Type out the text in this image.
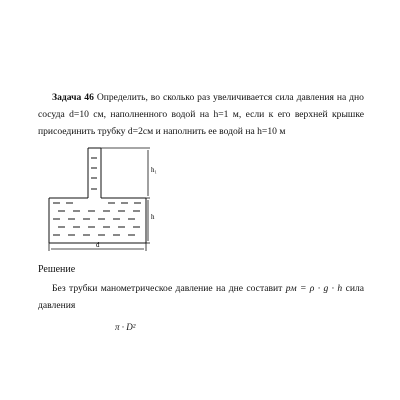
Задача 46 Определить, во сколько раз увеличивается сила давления на дно сосуда d=10 см, наполненного водой на h=1 м, если к его верхней крышке присоединить трубку d=2см и наполнить ее водой на h=10 м
h₁
h
d
Решение
Без трубки манометрическое давление на дне составит pм = ρ · g · h сила давления
π · D²
